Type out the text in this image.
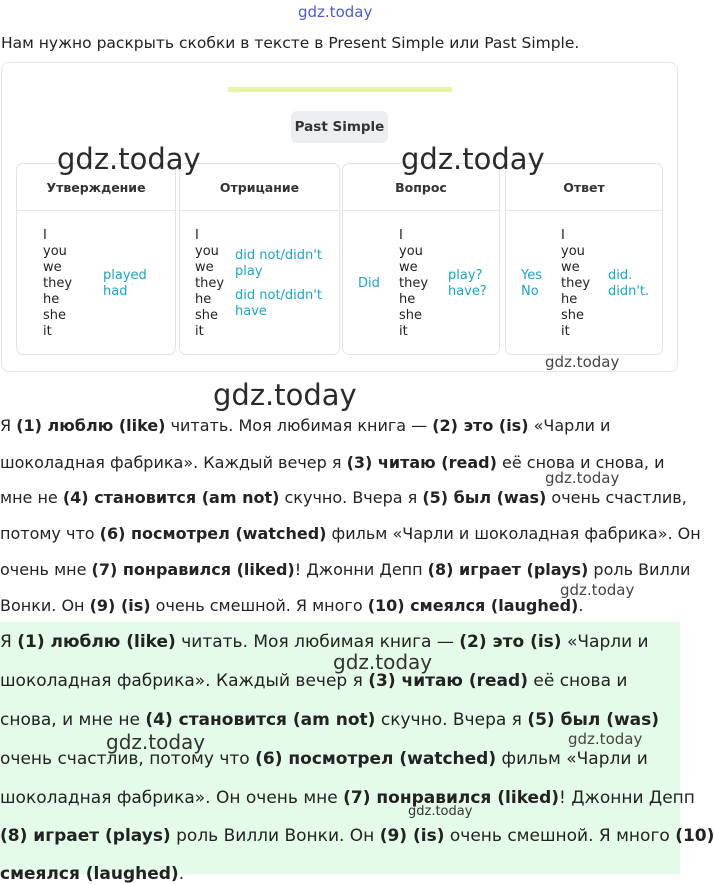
gdz.today
Нам нужно раскрыть скобки в тексте в Present Simple или Past Simple.
Past Simple
Утверждение
I
you
we
they
he
she
it
played
had
Отрицание
I
you
we
they
he
she
it
did not/didn't
play
did not/didn't
have
Вопрос
Did
I
you
we
they
he
she
it
play?
have?
Ответ
Yes
No
I
you
we
they
he
she
it
did.
didn't.
gdz.today	gdz.today
gdz.today
gdz.today
Я (1) люблю (like) читать. Моя любимая книга — (2) это (is) «Чарли и
шоколадная фабрика». Каждый вечер я (3) читаю (read) её снова и снова, и
мне не (4) становится (am not) скучно. Вчера я (5) был (was) очень счастлив,
потому что (6) посмотрел (watched) фильм «Чарли и шоколадная фабрика». Он
очень мне (7) понравился (liked)! Джонни Депп (8) играет (plays) роль Вилли
Вонки. Он (9) (is) очень смешной. Я много (10) смеялся (laughed).
gdz.today
gdz.today
Я (1) люблю (like) читать. Моя любимая книга — (2) это (is) «Чарли и
шоколадная фабрика». Каждый вечер я (3) читаю (read) её снова и
снова, и мне не (4) становится (am not) скучно. Вчера я (5) был (was)
очень счастлив, потому что (6) посмотрел (watched) фильм «Чарли и
шоколадная фабрика». Он очень мне (7) понравился (liked)! Джонни Депп
(8) играет (plays) роль Вилли Вонки. Он (9) (is) очень смешной. Я много (10)
смеялся (laughed).
gdz.today
gdz.today	gdz.today
gdz.today
